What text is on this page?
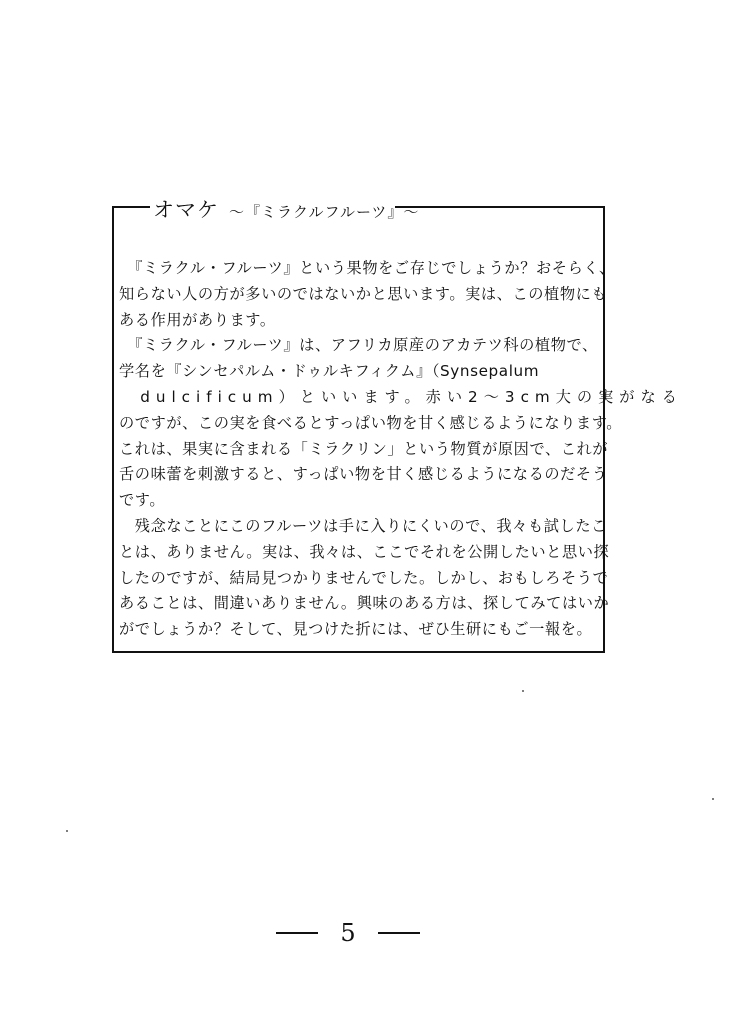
オマケ ～『ミラクルフルーツ』～
　『ミラクル・フルーツ』という果物をご存じでしょうか？おそらく、
知らない人の方が多いのではないかと思います。実は、この植物にも
ある作用があります。
　『ミラクル・フルーツ』は、アフリカ原産のアカテツ科の植物で、
学名を『シンセパルム・ドゥルキフィクム』（Synsepalum
　dulcificum）といいます。赤い2～3cm大の実がなる
のですが、この実を食べるとすっぱい物を甘く感じるようになります。
これは、果実に含まれる「ミラクリン」という物質が原因で、これが
舌の味蕾を刺激すると、すっぱい物を甘く感じるようになるのだそう
です。
　残念なことにこのフルーツは手に入りにくいので、我々も試したこ
とは、ありません。実は、我々は、ここでそれを公開したいと思い探
したのですが、結局見つかりませんでした。しかし、おもしろそうで
あることは、間違いありません。興味のある方は、探してみてはいか
がでしょうか？そして、見つけた折には、ぜひ生研にもご一報を。
5
